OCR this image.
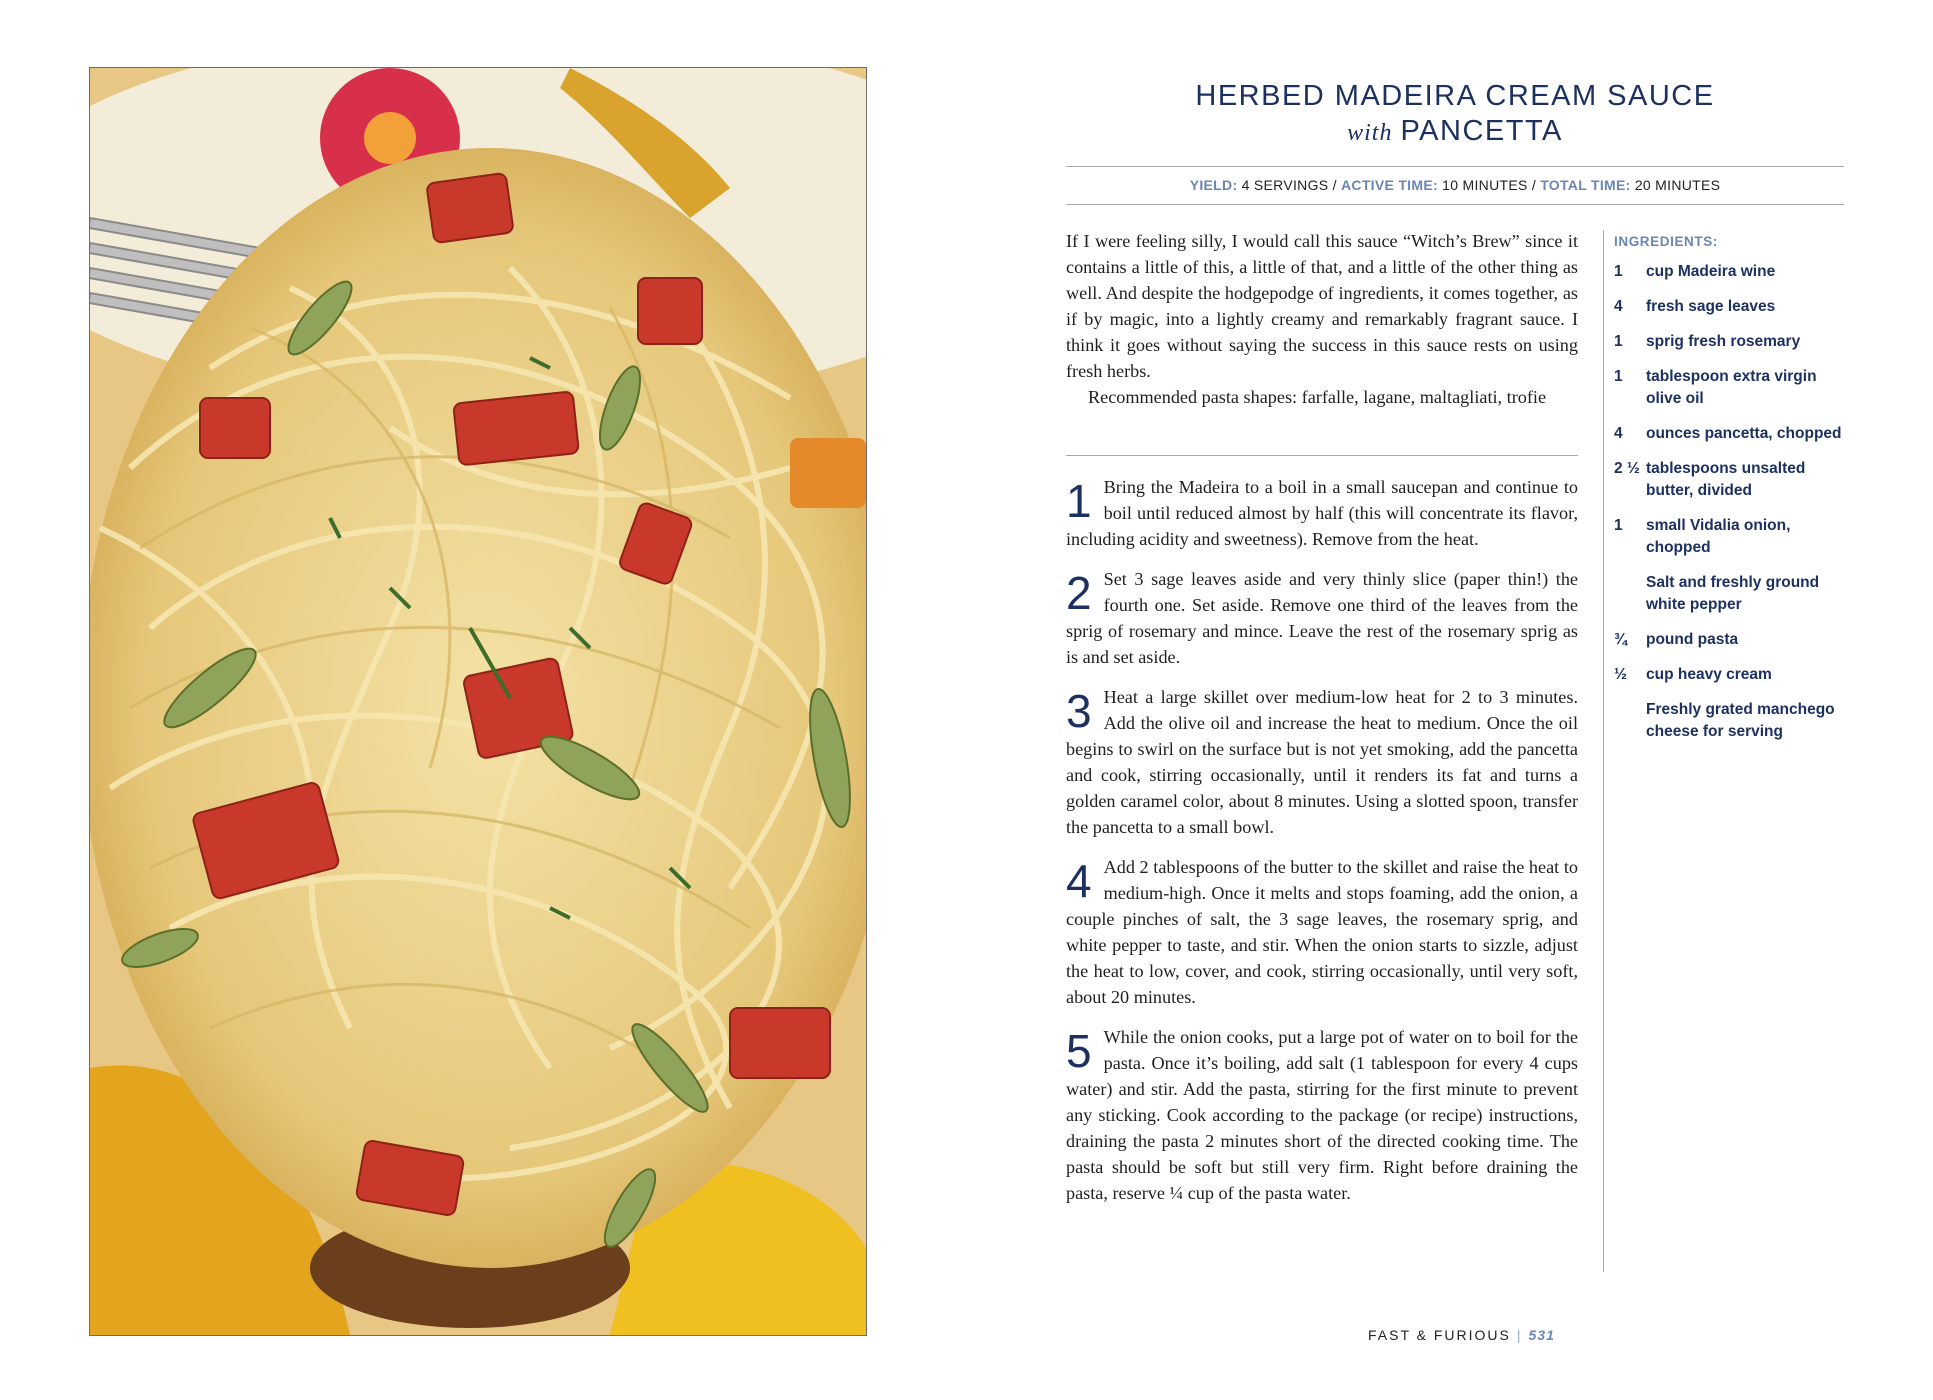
HERBED MADEIRA CREAM SAUCE
with PANCETTA
YIELD: 4 SERVINGS / ACTIVE TIME: 10 MINUTES / TOTAL TIME: 20 MINUTES

If I were feeling silly, I would call this sauce “Witch’s Brew” since it contains a little of this, a little of that, and a little of the other thing as well. And despite the hodgepodge of ingredients, it comes together, as if by magic, into a lightly creamy and remarkably fragrant sauce. I think it goes without saying the success in this sauce rests on using fresh herbs.

Recommended pasta shapes: farfalle, lagane, maltagliati, trofie

1 Bring the Madeira to a boil in a small saucepan and continue to boil until reduced almost by half (this will concentrate its flavor, including acidity and sweetness). Remove from the heat.
2 Set 3 sage leaves aside and very thinly slice (paper thin!) the fourth one. Set aside. Remove one third of the leaves from the sprig of rosemary and mince. Leave the rest of the rosemary sprig as is and set aside.
3 Heat a large skillet over medium-low heat for 2 to 3 minutes. Add the olive oil and increase the heat to medium. Once the oil begins to swirl on the surface but is not yet smoking, add the pancetta and cook, stirring occasionally, until it renders its fat and turns a golden caramel color, about 8 minutes. Using a slotted spoon, transfer the pancetta to a small bowl.
4 Add 2 tablespoons of the butter to the skillet and raise the heat to medium-high. Once it melts and stops foaming, add the onion, a couple pinches of salt, the 3 sage leaves, the rosemary sprig, and white pepper to taste, and stir. When the onion starts to sizzle, adjust the heat to low, cover, and cook, stirring occasionally, until very soft, about 20 minutes.
5 While the onion cooks, put a large pot of water on to boil for the pasta. Once it’s boiling, add salt (1 tablespoon for every 4 cups water) and stir. Add the pasta, stirring for the first minute to prevent any sticking. Cook according to the package (or recipe) instructions, draining the pasta 2 minutes short of the directed cooking time. The pasta should be soft but still very firm. Right before draining the pasta, reserve ¼ cup of the pasta water.
INGREDIENTS:
1	cup Madeira wine
4	fresh sage leaves
1	sprig fresh rosemary
1	tablespoon extra virgin olive oil
4	ounces pancetta, chopped
2 ½ tablespoons unsalted butter, divided
1	small Vidalia onion, chopped
Salt and freshly ground white pepper
¾	pound pasta
½	cup heavy cream
Freshly grated manchego cheese for serving
FAST & FURIOUS | 531
